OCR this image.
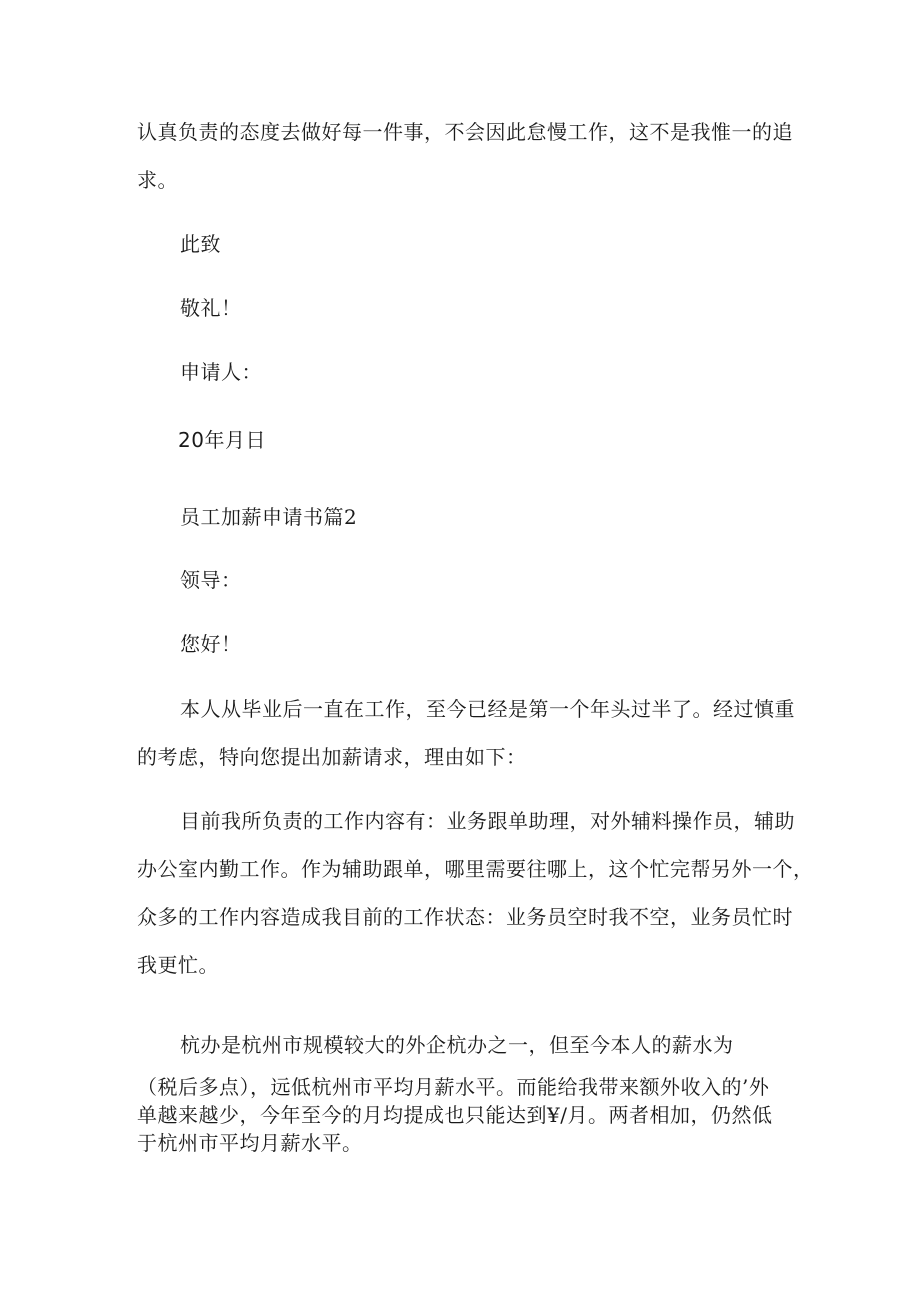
认真负责的态度去做好每一件事，不会因此怠慢工作，这不是我惟一的追
求。
此致
敬礼！
申请人：
20年月日
员工加薪申请书篇2
领导：
您好！
本人从毕业后一直在工作，至今已经是第一个年头过半了。经过慎重
的考虑，特向您提出加薪请求，理由如下：
目前我所负责的工作内容有：业务跟单助理，对外辅料操作员，辅助
办公室内勤工作。作为辅助跟单，哪里需要往哪上，这个忙完帮另外一个，
众多的工作内容造成我目前的工作状态：业务员空时我不空，业务员忙时
我更忙。
杭办是杭州市规模较大的外企杭办之一，但至今本人的薪水为
（税后多点），远低杭州市平均月薪水平。而能给我带来额外收入的’外
单越来越少，今年至今的月均提成也只能达到¥/月。两者相加，仍然低
于杭州市平均月薪水平。
